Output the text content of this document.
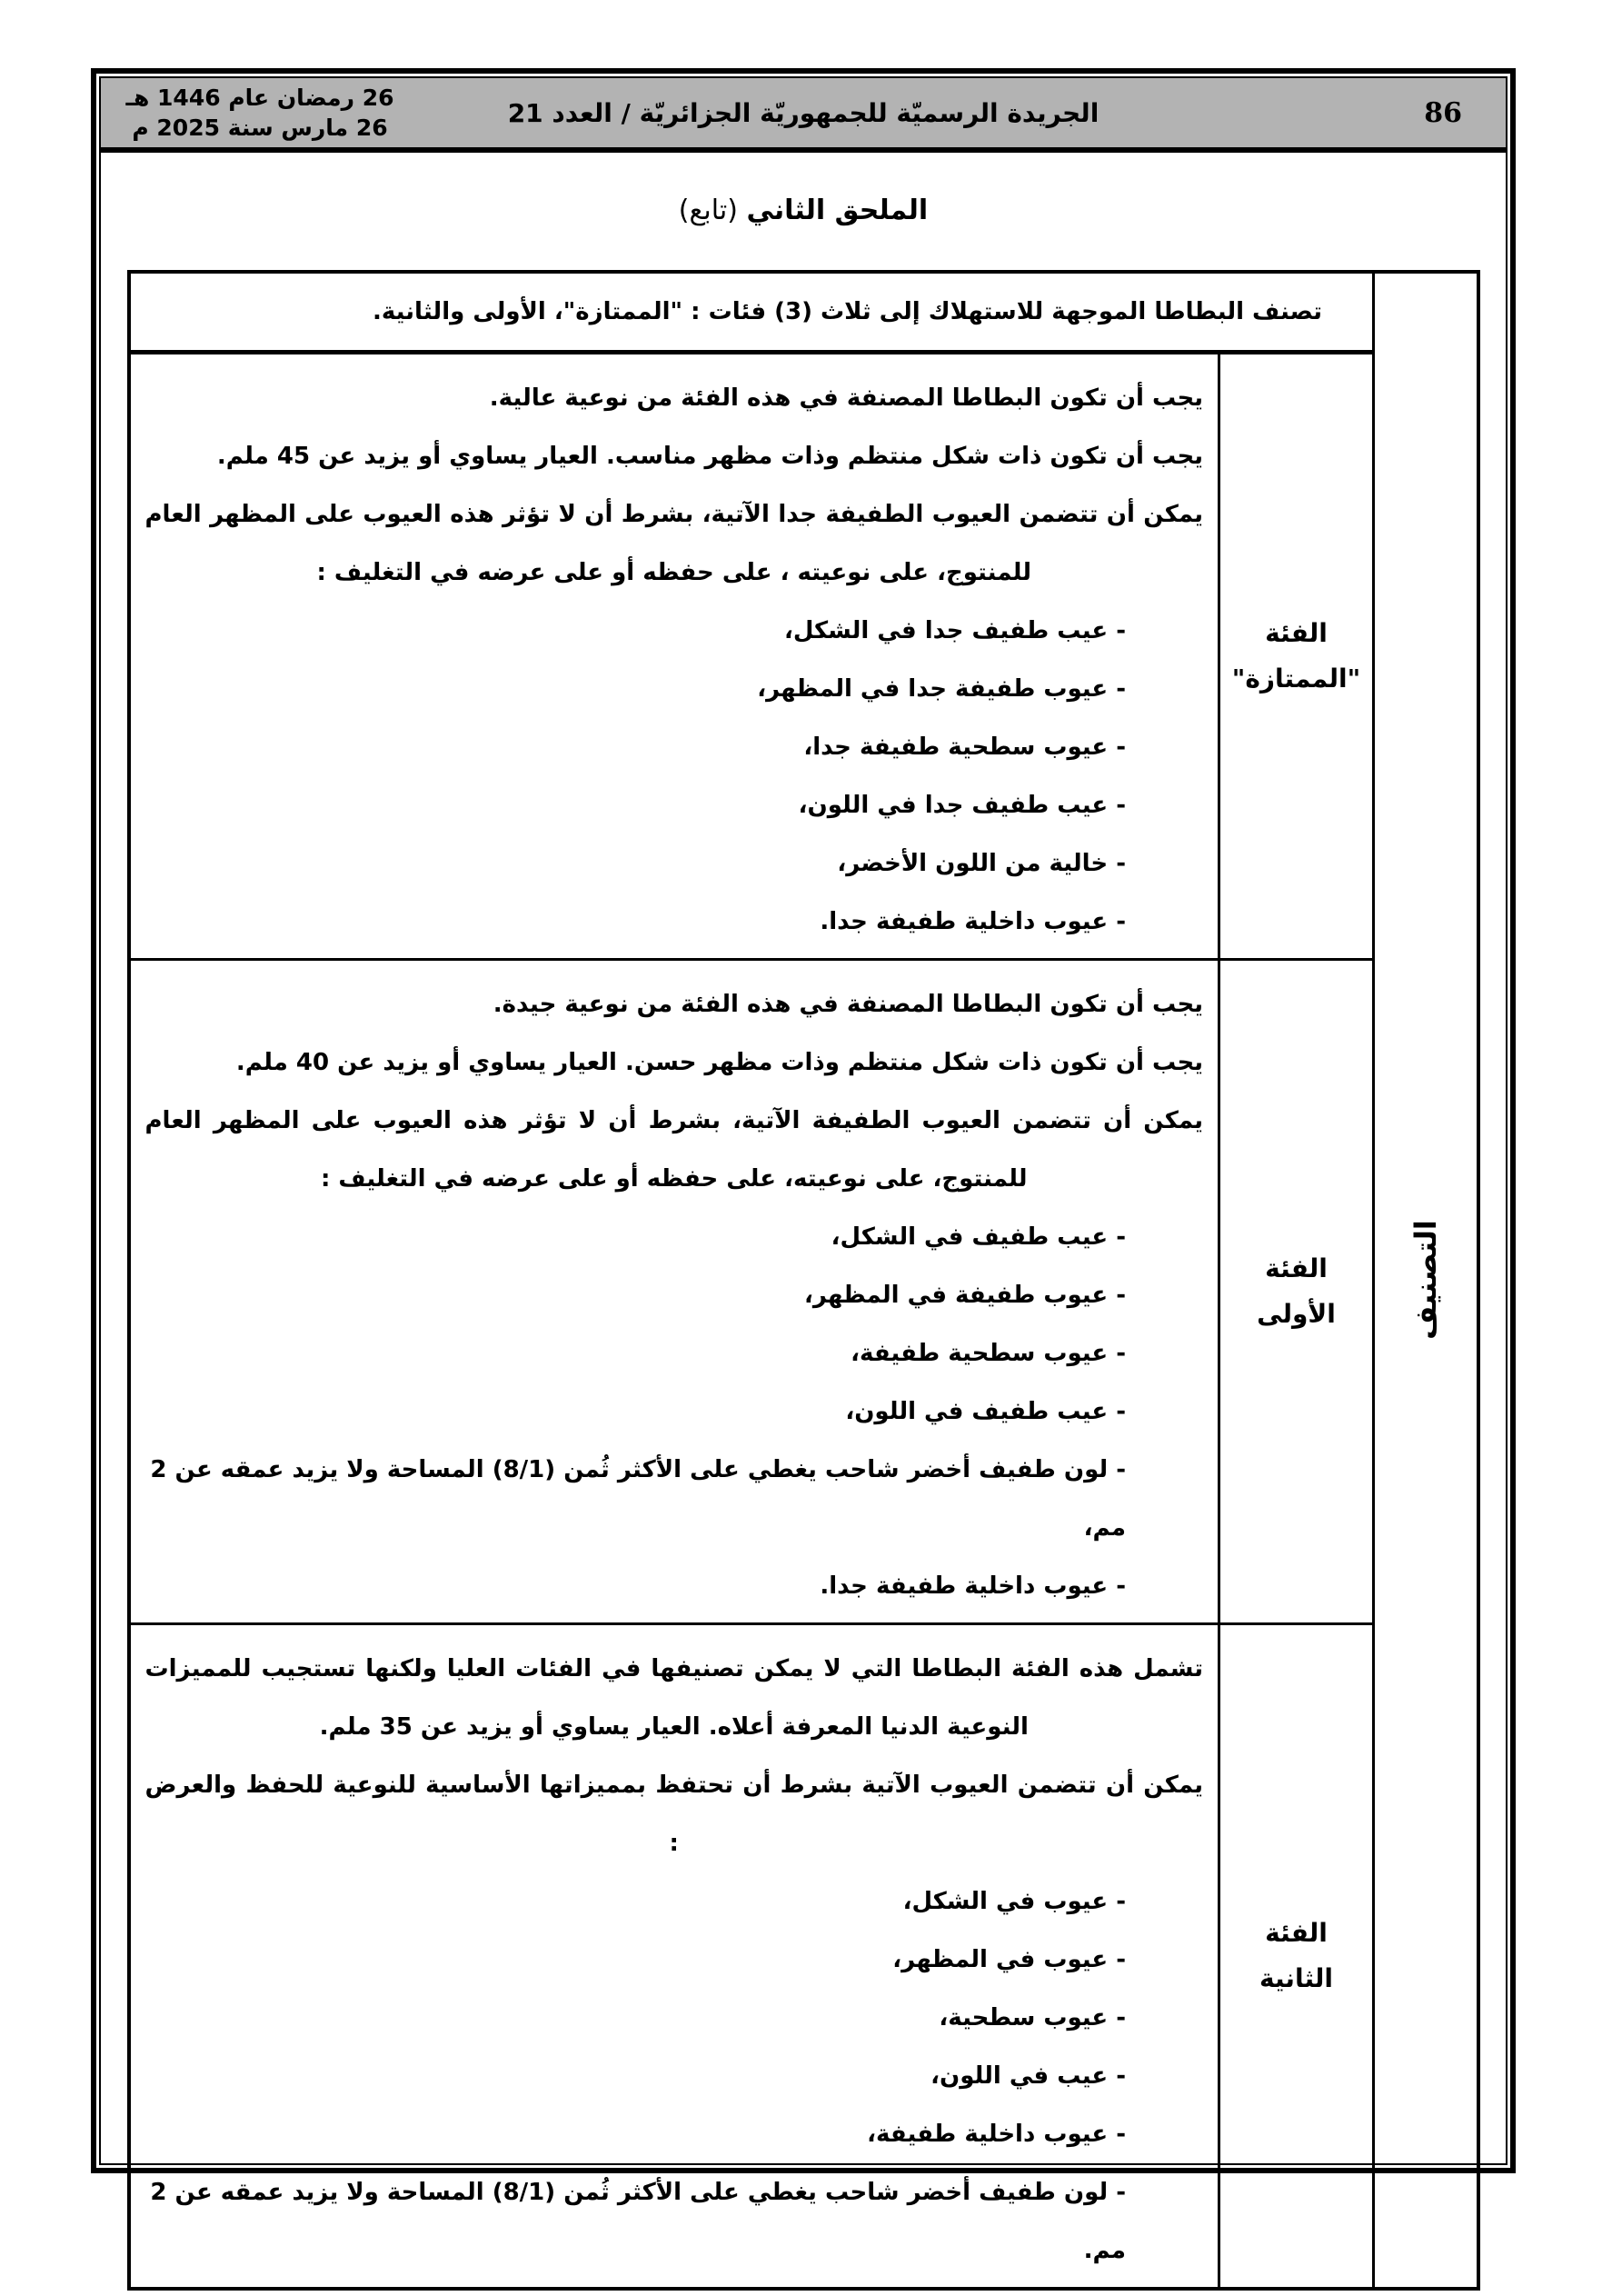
86
الجريدة الرسميّة للجمهوريّة الجزائريّة / العدد 21
26 رمضان عام 1446 هـ
26 مارس سنة 2025 م
الملحق الثاني (تابع)
التصنيف	تصنف البطاطا الموجهة للاستهلاك إلى ثلاث (3) فئات : "الممتازة"، الأولى والثانية.	

الفئة
"الممتازة"

يجب أن تكون البطاطا المصنفة في هذه الفئة من نوعية عالية.
يجب أن تكون ذات شكل منتظم وذات مظهر مناسب. العيار يساوي أو يزيد عن 45 ملم.
يمكن أن تتضمن العيوب الطفيفة جدا الآتية، بشرط أن لا تؤثر هذه العيوب على المظهر العام للمنتوج، على نوعيته ، على حفظه أو على عرضه في التغليف :
- عيب طفيف جدا في الشكل،
- عيوب طفيفة جدا في المظهر،
- عيوب سطحية طفيفة جدا،
- عيب طفيف جدا في اللون،
- خالية من اللون الأخضر،
- عيوب داخلية طفيفة جدا.

الفئة
الأولى

يجب أن تكون البطاطا المصنفة في هذه الفئة من نوعية جيدة.
يجب أن تكون ذات شكل منتظم وذات مظهر حسن. العيار يساوي أو يزيد عن 40 ملم.
يمكن أن تتضمن العيوب الطفيفة الآتية، بشرط أن لا تؤثر هذه العيوب على المظهر العام للمنتوج، على نوعيته، على حفظه أو على عرضه في التغليف :
- عيب طفيف في الشكل،
- عيوب طفيفة في المظهر،
- عيوب سطحية طفيفة،
- عيب طفيف في اللون،
- لون طفيف أخضر شاحب يغطي على الأكثر ثُمن (8/1) المساحة ولا يزيد عمقه عن 2 مم،
- عيوب داخلية طفيفة جدا.

الفئة الثانية

تشمل هذه الفئة البطاطا التي لا يمكن تصنيفها في الفئات العليا ولكنها تستجيب للمميزات النوعية الدنيا المعرفة أعلاه. العيار يساوي أو يزيد عن 35 ملم.
يمكن أن تتضمن العيوب الآتية بشرط أن تحتفظ بمميزاتها الأساسية للنوعية للحفظ والعرض :
- عيوب في الشكل،
- عيوب في المظهر،
- عيوب سطحية،
- عيب في اللون،
- عيوب داخلية طفيفة،
- لون طفيف أخضر شاحب يغطي على الأكثر ثُمن (8/1) المساحة ولا يزيد عمقه عن 2 مم.
